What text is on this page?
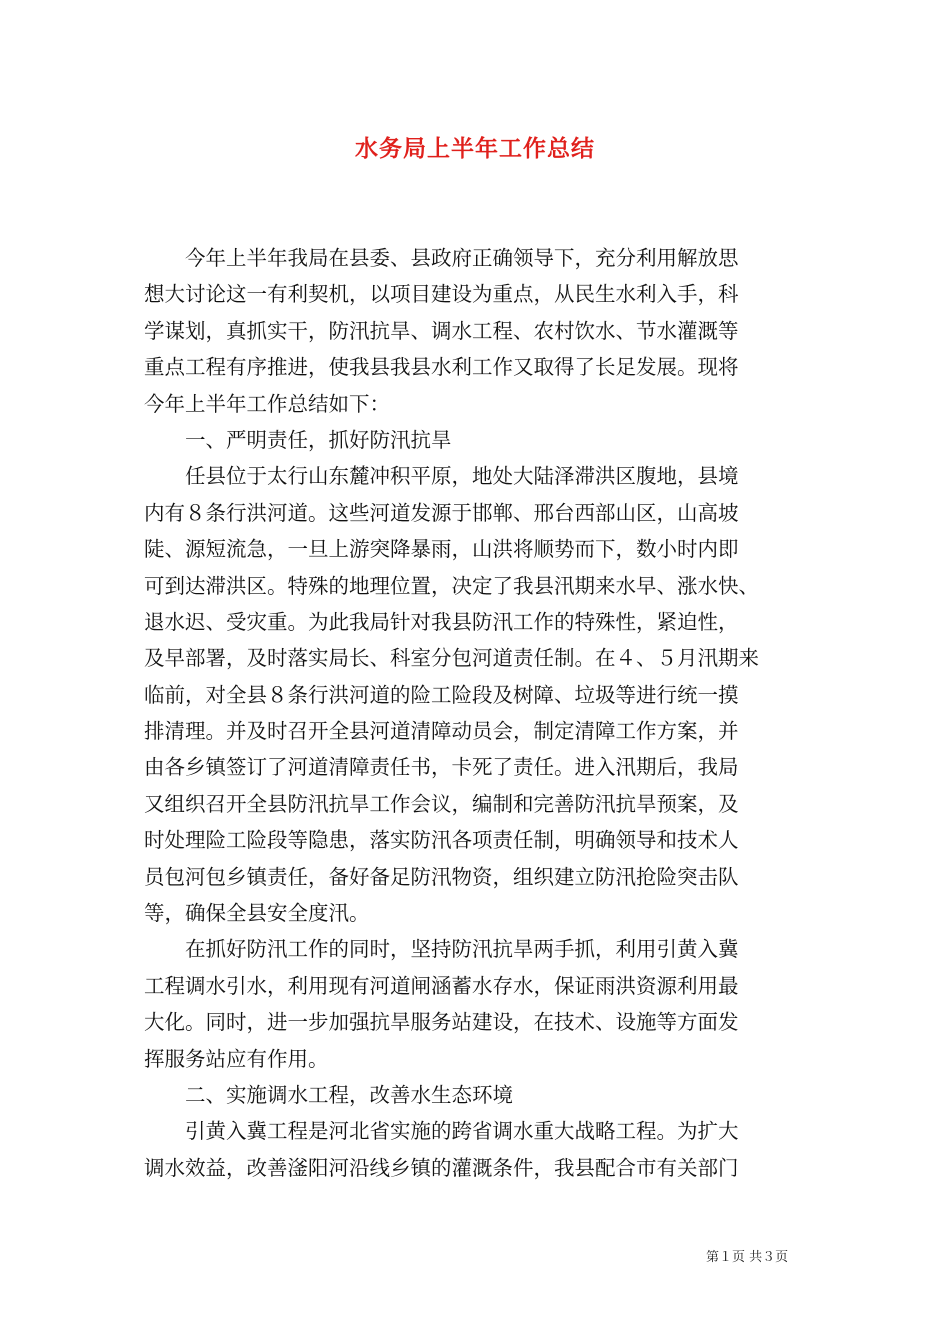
水务局上半年工作总结
　　今年上半年我局在县委、县政府正确领导下，充分利用解放思
想大讨论这一有利契机，以项目建设为重点，从民生水利入手，科
学谋划，真抓实干，防汛抗旱、调水工程、农村饮水、节水灌溉等
重点工程有序推进，使我县我县水利工作又取得了长足发展。现将
今年上半年工作总结如下：
　　一、严明责任，抓好防汛抗旱
　　任县位于太行山东麓冲积平原，地处大陆泽滞洪区腹地，县境
内有８条行洪河道。这些河道发源于邯郸、邢台西部山区，山高坡
陡、源短流急，一旦上游突降暴雨，山洪将顺势而下，数小时内即
可到达滞洪区。特殊的地理位置，决定了我县汛期来水早、涨水快、
退水迟、受灾重。为此我局针对我县防汛工作的特殊性，紧迫性，
及早部署，及时落实局长、科室分包河道责任制。在４、５月汛期来
临前，对全县８条行洪河道的险工险段及树障、垃圾等进行统一摸
排清理。并及时召开全县河道清障动员会，制定清障工作方案，并
由各乡镇签订了河道清障责任书，卡死了责任。进入汛期后，我局
又组织召开全县防汛抗旱工作会议，编制和完善防汛抗旱预案，及
时处理险工险段等隐患，落实防汛各项责任制，明确领导和技术人
员包河包乡镇责任，备好备足防汛物资，组织建立防汛抢险突击队
等，确保全县安全度汛。
　　在抓好防汛工作的同时，坚持防汛抗旱两手抓，利用引黄入冀
工程调水引水，利用现有河道闸涵蓄水存水，保证雨洪资源利用最
大化。同时，进一步加强抗旱服务站建设，在技术、设施等方面发
挥服务站应有作用。
　　二、实施调水工程，改善水生态环境
　　引黄入冀工程是河北省实施的跨省调水重大战略工程。为扩大
调水效益，改善滏阳河沿线乡镇的灌溉条件，我县配合市有关部门
第１页 共３页
